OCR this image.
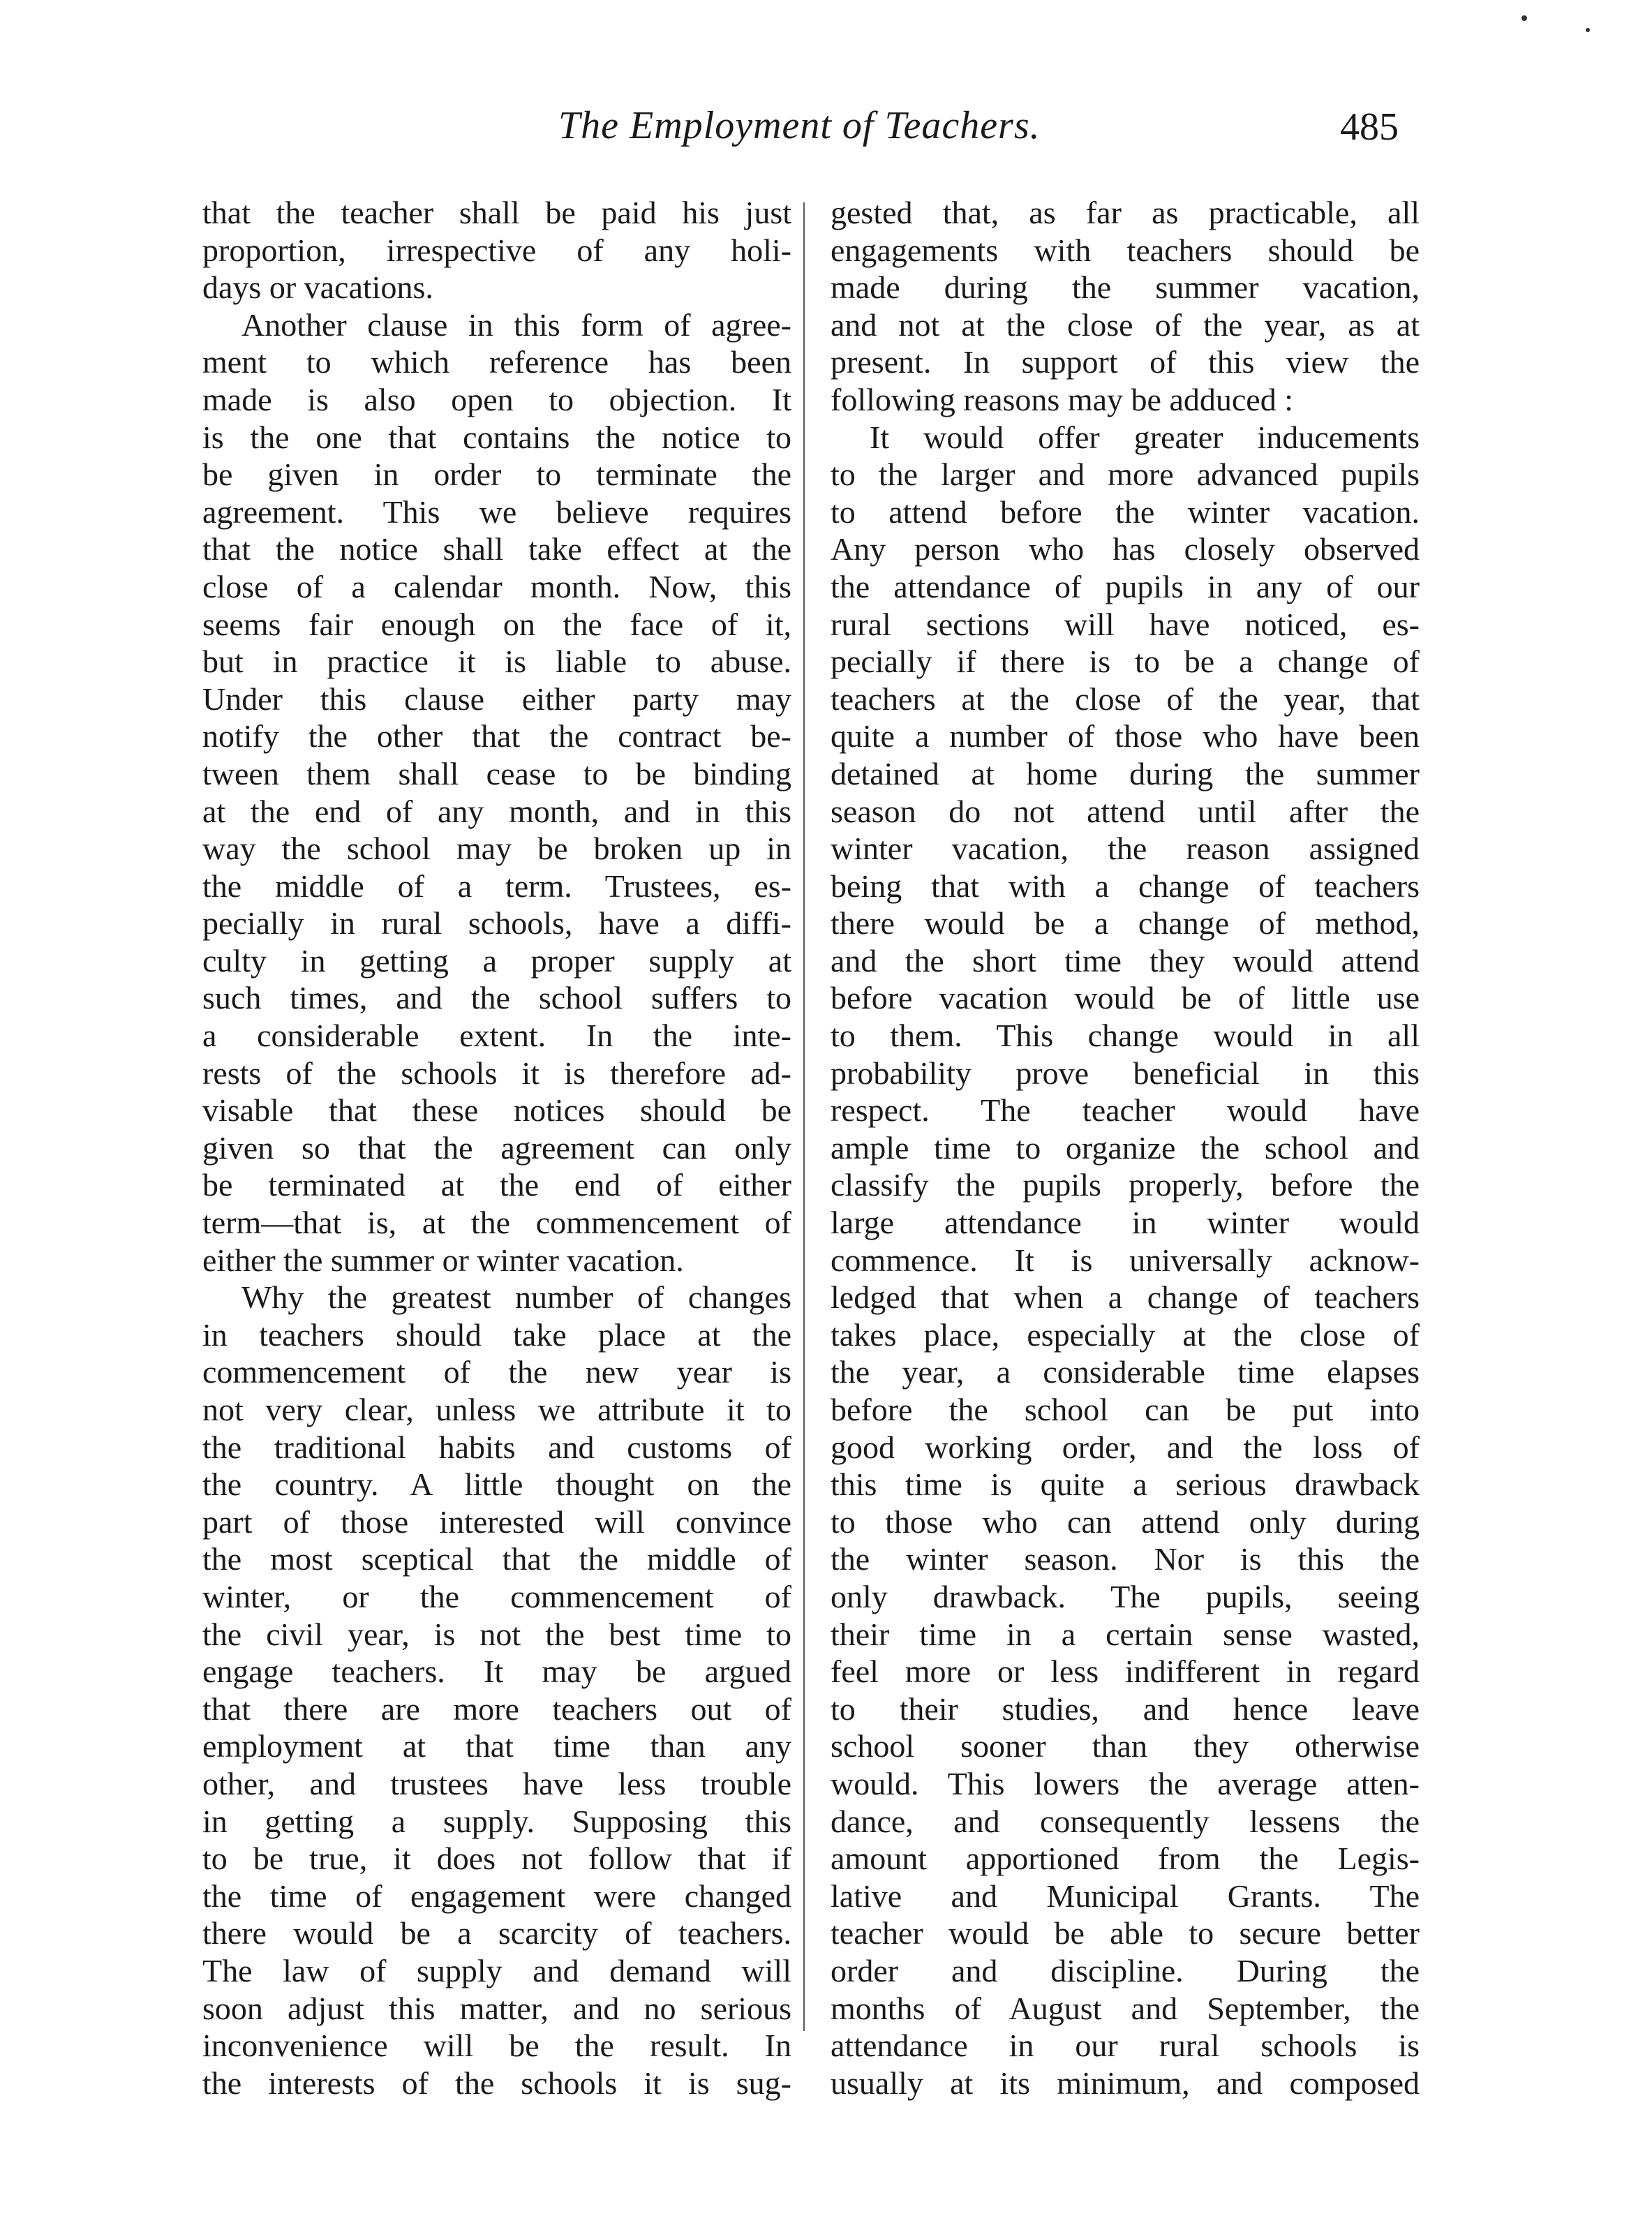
The Employment of Teachers.	485
that the teacher shall be paid his just
proportion, irrespective of any holi-
days or vacations.
Another clause in this form of agree-
ment to which reference has been
made is also open to objection. It
is the one that contains the notice to
be given in order to terminate the
agreement. This we believe requires
that the notice shall take effect at the
close of a calendar month. Now, this
seems fair enough on the face of it,
but in practice it is liable to abuse.
Under this clause either party may
notify the other that the contract be-
tween them shall cease to be binding
at the end of any month, and in this
way the school may be broken up in
the middle of a term. Trustees, es-
pecially in rural schools, have a diffi-
culty in getting a proper supply at
such times, and the school suffers to
a considerable extent. In the inte-
rests of the schools it is therefore ad-
visable that these notices should be
given so that the agreement can only
be terminated at the end of either
term—that is, at the commencement of
either the summer or winter vacation.
Why the greatest number of changes
in teachers should take place at the
commencement of the new year is
not very clear, unless we attribute it to
the traditional habits and customs of
the country. A little thought on the
part of those interested will convince
the most sceptical that the middle of
winter, or the commencement of
the civil year, is not the best time to
engage teachers. It may be argued
that there are more teachers out of
employment at that time than any
other, and trustees have less trouble
in getting a supply. Supposing this
to be true, it does not follow that if
the time of engagement were changed
there would be a scarcity of teachers.
The law of supply and demand will
soon adjust this matter, and no serious
inconvenience will be the result. In
the interests of the schools it is sug-
gested that, as far as practicable, all
engagements with teachers should be
made during the summer vacation,
and not at the close of the year, as at
present. In support of this view the
following reasons may be adduced :
It would offer greater inducements
to the larger and more advanced pupils
to attend before the winter vacation.
Any person who has closely observed
the attendance of pupils in any of our
rural sections will have noticed, es-
pecially if there is to be a change of
teachers at the close of the year, that
quite a number of those who have been
detained at home during the summer
season do not attend until after the
winter vacation, the reason assigned
being that with a change of teachers
there would be a change of method,
and the short time they would attend
before vacation would be of little use
to them. This change would in all
probability prove beneficial in this
respect. The teacher would have
ample time to organize the school and
classify the pupils properly, before the
large attendance in winter would
commence. It is universally acknow-
ledged that when a change of teachers
takes place, especially at the close of
the year, a considerable time elapses
before the school can be put into
good working order, and the loss of
this time is quite a serious drawback
to those who can attend only during
the winter season. Nor is this the
only drawback. The pupils, seeing
their time in a certain sense wasted,
feel more or less indifferent in regard
to their studies, and hence leave
school sooner than they otherwise
would. This lowers the average atten-
dance, and consequently lessens the
amount apportioned from the Legis-
lative and Municipal Grants. The
teacher would be able to secure better
order and discipline. During the
months of August and September, the
attendance in our rural schools is
usually at its minimum, and composed
